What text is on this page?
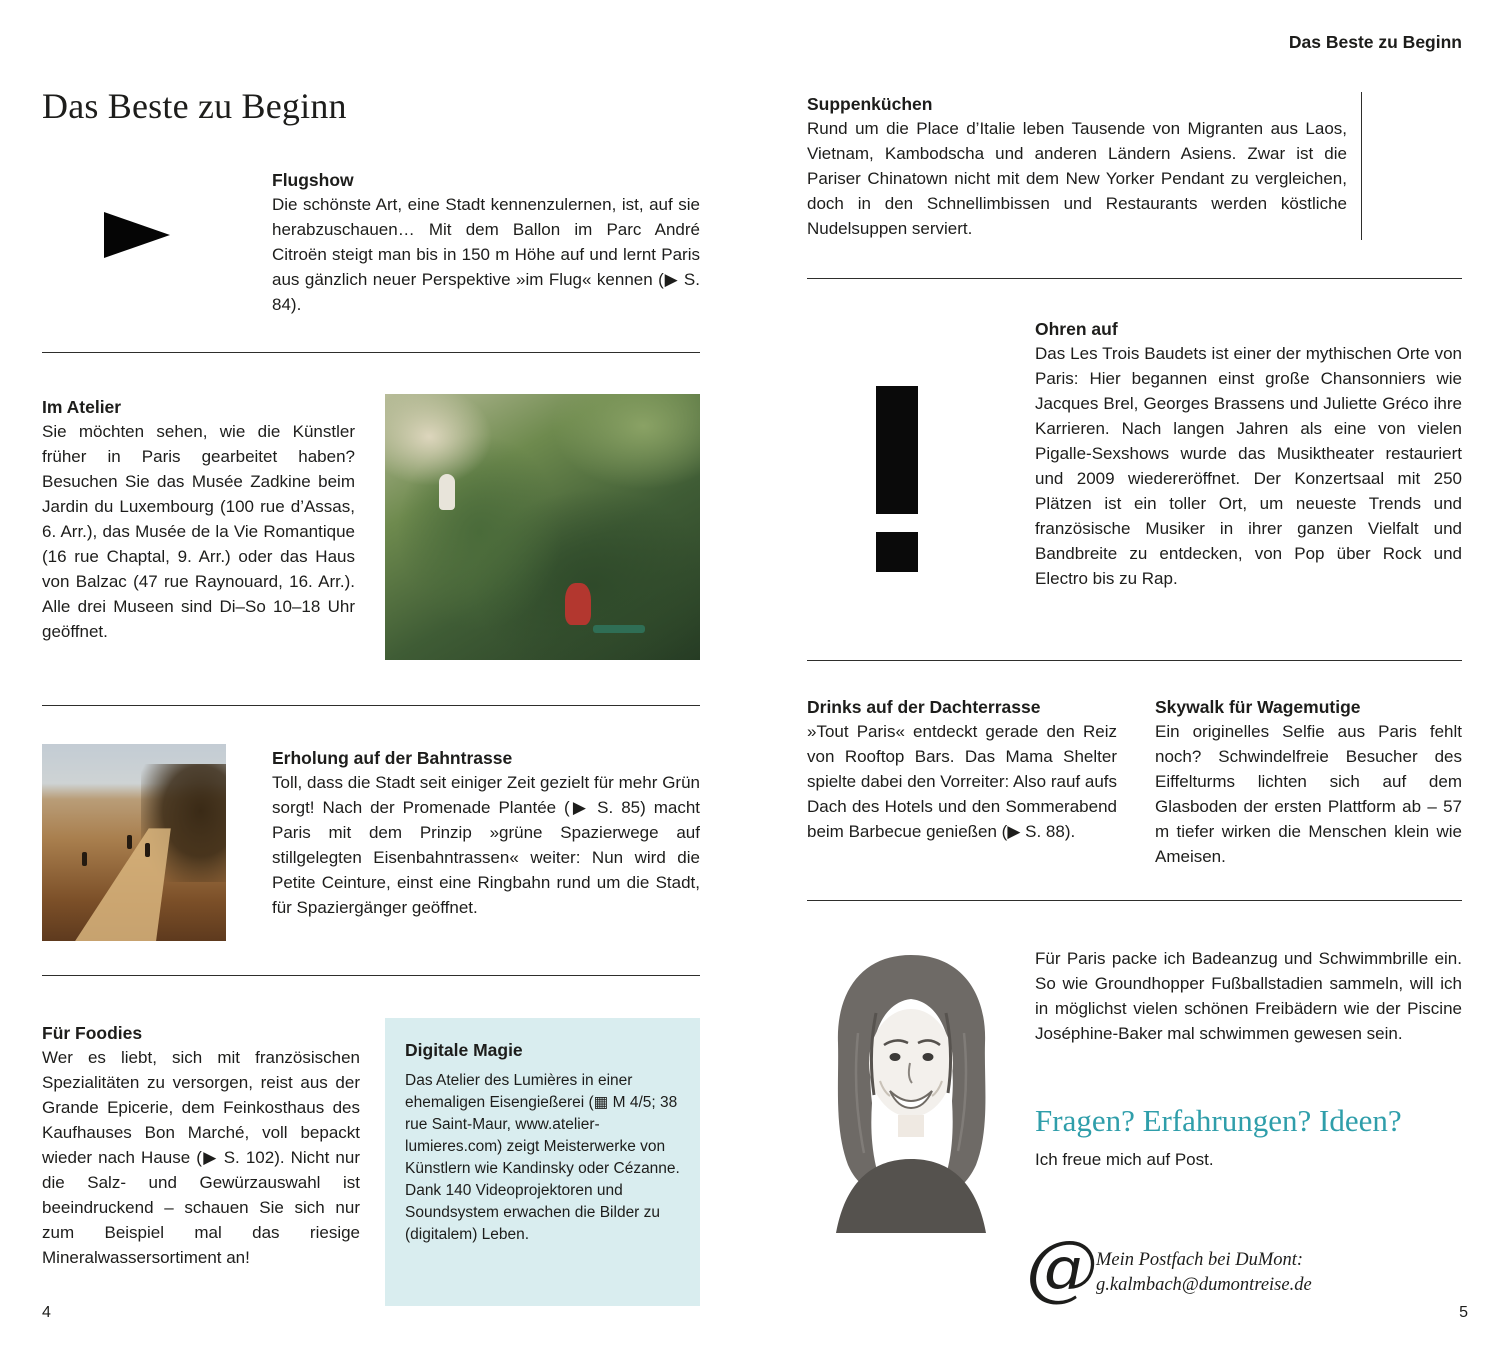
Das Beste zu Beginn
Das Beste zu Beginn
Flugshow
Die schönste Art, eine Stadt kennenzulernen, ist, auf sie herabzuschauen… Mit dem Ballon im Parc André Citroën steigt man bis in 150 m Höhe auf und lernt Paris aus gänzlich neuer Perspektive »im Flug« kennen (▶ S. 84).
Im Atelier
Sie möchten sehen, wie die Künstler früher in Paris gearbeitet haben? Besuchen Sie das Musée Zadkine beim Jardin du Luxembourg (100 rue d’Assas, 6. Arr.), das Musée de la Vie Romantique (16 rue Chaptal, 9. Arr.) oder das Haus von Balzac (47 rue Raynouard, 16. Arr.). Alle drei Museen sind Di–So 10–18 Uhr geöffnet.
Erholung auf der Bahntrasse
Toll, dass die Stadt seit einiger Zeit gezielt für mehr Grün sorgt! Nach der Promenade Plantée (▶ S. 85) macht Paris mit dem Prinzip »grüne Spazierwege auf stillgelegten Eisenbahntrassen« weiter: Nun wird die Petite Ceinture, einst eine Ringbahn rund um die Stadt, für Spaziergänger geöffnet.
Für Foodies
Wer es liebt, sich mit französischen Spezialitäten zu versorgen, reist aus der Grande Epicerie, dem Feinkosthaus des Kaufhauses Bon Marché, voll bepackt wieder nach Hause (▶ S. 102). Nicht nur die Salz- und Gewürzauswahl ist beeindruckend – schauen Sie sich nur zum Beispiel mal das riesige Mineralwassersortiment an!
Digitale Magie
Das Atelier des Lumières in einer ehemaligen Eisengießerei (▦ M 4/5; 38 rue Saint-Maur, www.atelier-lumieres.com) zeigt Meisterwerke von Künstlern wie Kandinsky oder Cézanne. Dank 140 Videoprojektoren und Soundsystem erwachen die Bilder zu (digitalem) Leben.
4
Suppenküchen
Rund um die Place d’Italie leben Tausende von Migranten aus Laos, Vietnam, Kambodscha und anderen Ländern Asiens. Zwar ist die Pariser Chinatown nicht mit dem New Yorker Pendant zu vergleichen, doch in den Schnellimbissen und Restaurants werden köstliche Nudelsuppen serviert.
Ohren auf
Das Les Trois Baudets ist einer der mythischen Orte von Paris: Hier begannen einst große Chansonniers wie Jacques Brel, Georges Brassens und Juliette Gréco ihre Karrieren. Nach langen Jahren als eine von vielen Pigalle-Sexshows wurde das Musiktheater restauriert und 2009 wiedereröffnet. Der Konzertsaal mit 250 Plätzen ist ein toller Ort, um neueste Trends und französische Musiker in ihrer ganzen Vielfalt und Bandbreite zu entdecken, von Pop über Rock und Electro bis zu Rap.
Drinks auf der Dachterrasse
»Tout Paris« entdeckt gerade den Reiz von Rooftop Bars. Das Mama Shelter spielte dabei den Vorreiter: Also rauf aufs Dach des Hotels und den Sommerabend beim Barbecue genießen (▶ S. 88).
Skywalk für Wagemutige
Ein originelles Selfie aus Paris fehlt noch? Schwindelfreie Besucher des Eiffelturms lichten sich auf dem Glasboden der ersten Plattform ab – 57 m tiefer wirken die Menschen klein wie Ameisen.
Für Paris packe ich Badeanzug und Schwimmbrille ein. So wie Groundhopper Fußballstadien sammeln, will ich in möglichst vielen schönen Freibädern wie der Piscine Joséphine-Baker mal schwimmen gewesen sein.
Fragen? Erfahrungen? Ideen?
Ich freue mich auf Post.
@
Mein Postfach bei DuMont:
g.kalmbach@dumontreise.de
5
